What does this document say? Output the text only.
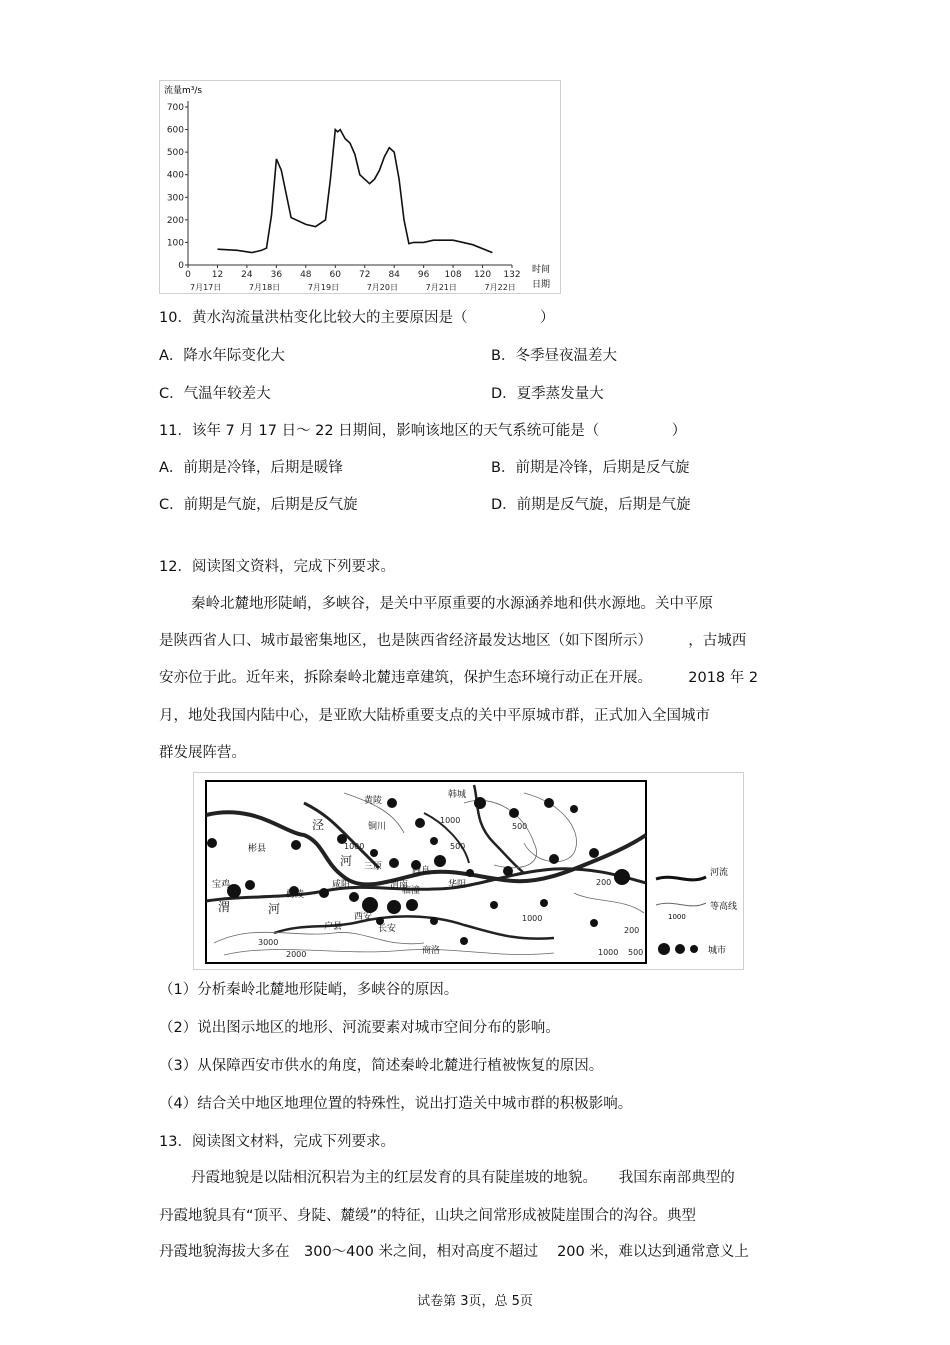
流量m³/s
时间
日期
0
100
200
300
400
500
600
700
0 12 24 36 48 60 72 84 96 108 120 132
7月17日	7月18日	7月19日	7月20日	7月21日	7月22日
10．黄水沟流量洪枯变化比较大的主要原因是（　　　　　）
A．降水年际变化大	B．冬季昼夜温差大
C．气温年较差大	D．夏季蒸发量大
11．该年 7 月 17 日～ 22 日期间，影响该地区的天气系统可能是（　　　　　）
A．前期是冷锋，后期是暖锋	B．前期是冷锋，后期是反气旋
C．前期是气旋，后期是反气旋	D．前期是反气旋，后期是气旋
12．阅读图文资料，完成下列要求。
秦岭北麓地形陡峭，多峡谷，是关中平原重要的水源涵养地和供水源地。关中平原
是陕西省人口、城市最密集地区，也是陕西省经济最发达地区（如下图所示）　　　，古城西
安亦位于此。近年来，拆除秦岭北麓违章建筑，保护生态环境行动正在开展。　　　2018 年 2
月，地处我国内陆中心，是亚欧大陆桥重要支点的关中平原城市群，正式加入全国城市
群发展阵营。
黄陵
韩城
铜川
彬县
三原	阎良
渭南	华阴
宝鸡
杨陵
咸阳
西安
临潼
户县	长安
商洛
泾
河
渭	河
1000
500
1000	500
200
1000
200
3000
2000	1000 500
河流
等高线
1000
城市
（1）分析秦岭北麓地形陡峭，多峡谷的原因。
（2）说出图示地区的地形、河流要素对城市空间分布的影响。
（3）从保障西安市供水的角度，简述秦岭北麓进行植被恢复的原因。
（4）结合关中地区地理位置的特殊性，说出打造关中城市群的积极影响。
13．阅读图文材料，完成下列要求。
丹霞地貌是以陆相沉积岩为主的红层发育的具有陡崖坡的地貌。　　我国东南部典型的
丹霞地貌具有“顶平、身陡、麓缓”的特征，山块之间常形成被陡崖围合的沟谷。典型
丹霞地貌海拔大多在　300～400 米之间，相对高度不超过　 200 米，难以达到通常意义上
试卷第 3页，总 5页
